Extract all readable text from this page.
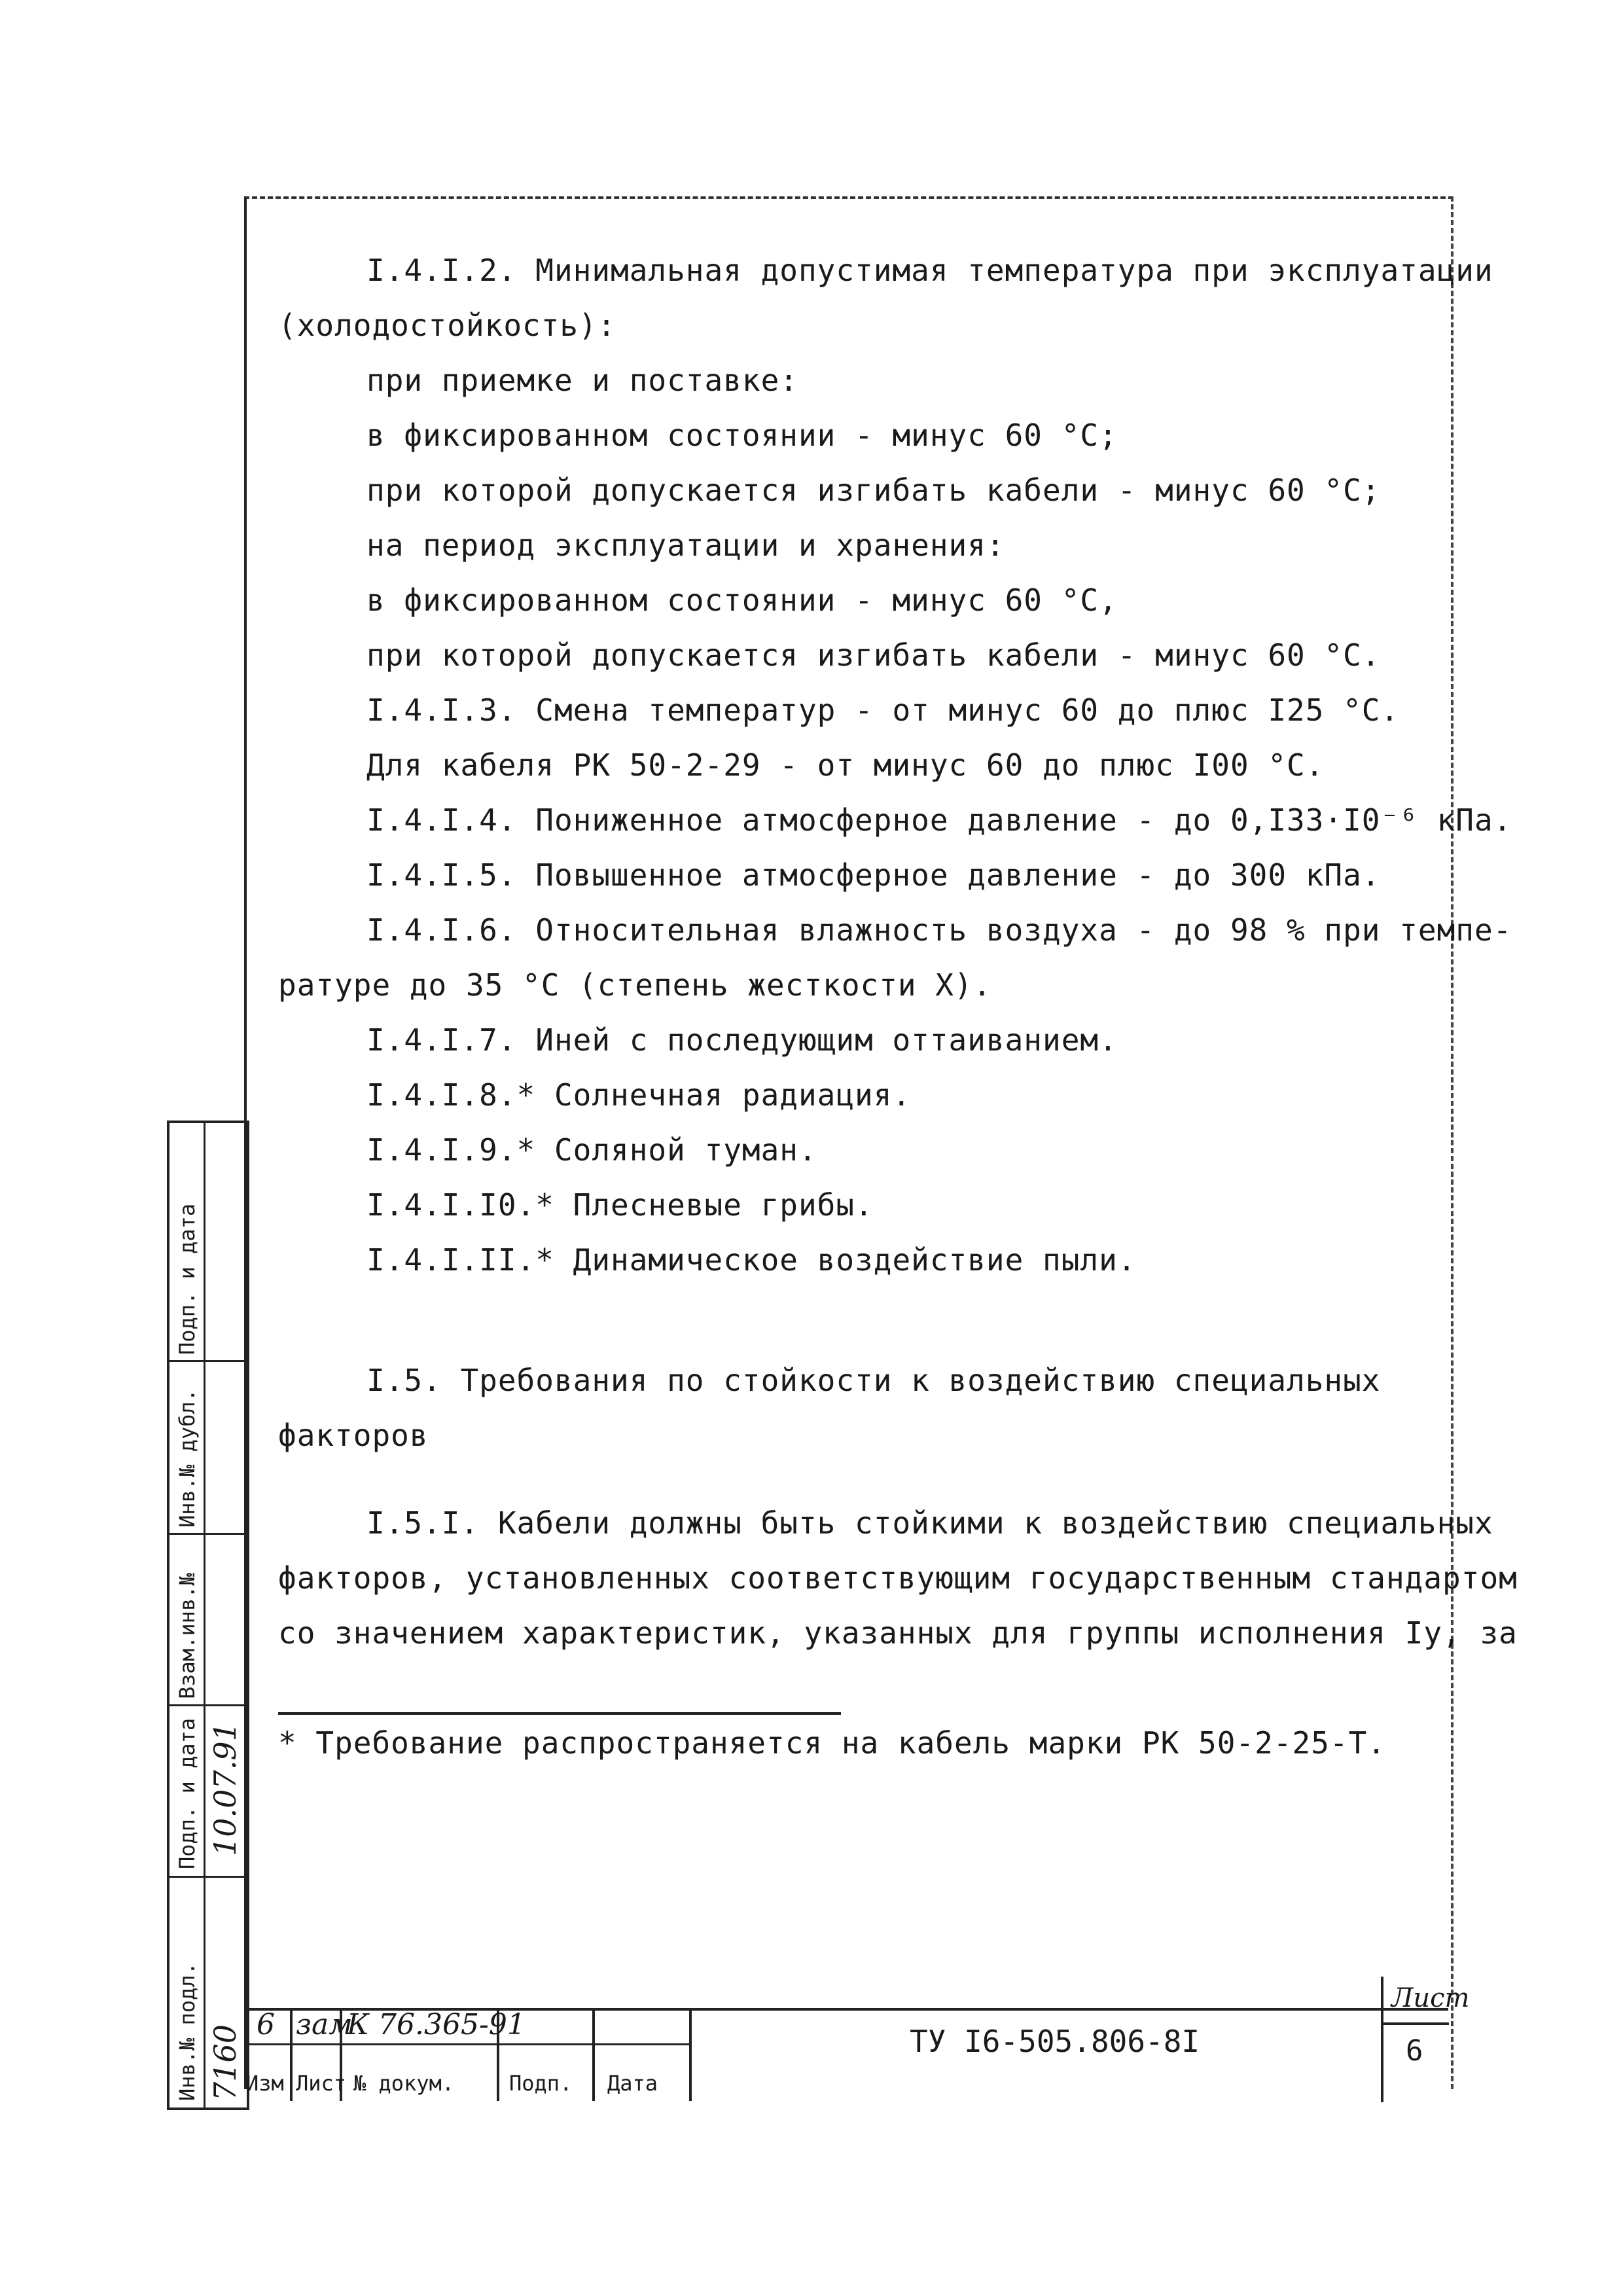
I.4.I.2. Минимальная допустимая температура при эксплуатации
(холодостойкость):
при приемке и поставке:
в фиксированном состоянии - минус 60 °С;
при которой допускается изгибать кабели - минус 60 °С;
на период эксплуатации и хранения:
в фиксированном состоянии - минус 60 °С,
при которой допускается изгибать кабели - минус 60 °С.
I.4.I.3. Смена температур - от минус 60 до плюс I25 °С.
Для кабеля РК 50-2-29 - от минус 60 до плюс I00 °С.
I.4.I.4. Пониженное атмосферное давление - до 0,I33·I0⁻⁶ кПа.
I.4.I.5. Повышенное атмосферное давление - до 300 кПа.
I.4.I.6. Относительная влажность воздуха - до 98 % при темпе-
ратуре до 35 °С (степень жесткости X).
I.4.I.7. Иней с последующим оттаиванием.
I.4.I.8.* Солнечная радиация.
I.4.I.9.* Соляной туман.
I.4.I.I0.* Плесневые грибы.
I.4.I.II.* Динамическое воздействие пыли.
I.5. Требования по стойкости к воздействию специальных
факторов
I.5.I. Кабели должны быть стойкими к воздействию специальных
факторов, установленных соответствующим государственным стандартом
со значением характеристик, указанных для группы исполнения Iу, за
* Требование распространяется на кабель марки РК 50-2-25-Т.
Инв.№ подл.
Подп. и дата
Взам.инв.№
Инв.№ дубл.
Подп. и дата
7160
10.07.91
6 зам
К 76.365-91
Изм Лист № докум.	Подп. Дата
ТУ I6-505.806-8I
Лист
6
